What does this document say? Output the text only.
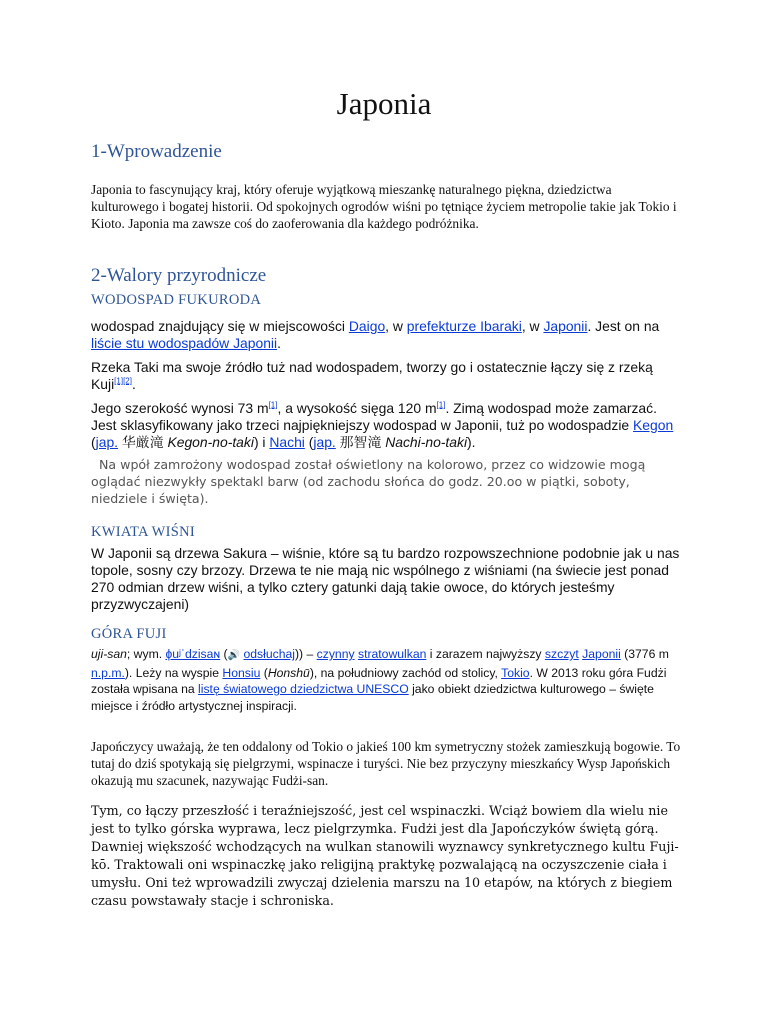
Japonia
1-Wprowadzenie
Japonia to fascynujący kraj, który oferuje wyjątkową mieszankę naturalnego piękna, dziedzictwa kulturowego i bogatej historii. Od spokojnych ogrodów wiśni po tętniące życiem metropolie takie jak Tokio i Kioto. Japonia ma zawsze coś do zaoferowania dla każdego podróżnika.
2-Walory przyrodnicze
WODOSPAD FUKURODA
wodospad znajdujący się w miejscowości Daigo, w prefekturze Ibaraki, w Japonii. Jest on na liście stu wodospadów Japonii.
Rzeka Taki ma swoje źródło tuż nad wodospadem, tworzy go i ostatecznie łączy się z rzeką Kuji[1][2].
Jego szerokość wynosi 73 m[1], a wysokość sięga 120 m[1]. Zimą wodospad może zamarzać. Jest sklasyfikowany jako trzeci najpiękniejszy wodospad w Japonii, tuż po wodospadzie Kegon (jap. 华厳滝 Kegon-no-taki) i Nachi (jap. 那智滝 Nachi-no-taki).
Na wpół zamrożony wodospad został oświetlony na kolorowo, przez co widzowie mogą oglądać niezwykły spektakl barw (od zachodu słońca do godz. 20.oo w piątki, soboty, niedziele i święta).
KWIATA WIŚNI
W Japonii są drzewa Sakura – wiśnie, które są tu bardzo rozpowszechnione podobnie jak u nas topole, sosny czy brzozy. Drzewa te nie mają nic wspólnego z wiśniami (na świecie jest ponad 270 odmian drzew wiśni, a tylko cztery gatunki dają takie owoce, do których jesteśmy przyzwyczajeni)
GÓRA FUJI
uji-san; wym. ɸuʲˈdzisaɴ (🔊 odsłuchaj)) – czynny stratowulkan i zarazem najwyższy szczyt Japonii (3776 m n.p.m.). Leży na wyspie Honsiu (Honshū), na południowy zachód od stolicy, Tokio. W 2013 roku góra Fudżi została wpisana na listę światowego dziedzictwa UNESCO jako obiekt dziedzictwa kulturowego – święte miejsce i źródło artystycznej inspiracji.
Japończycy uważają, że ten oddalony od Tokio o jakieś 100 km symetryczny stożek zamieszkują bogowie. To tutaj do dziś spotykają się pielgrzymi, wspinacze i turyści. Nie bez przyczyny mieszkańcy Wysp Japońskich okazują mu szacunek, nazywając Fudżi-san.
Tym, co łączy przeszłość i teraźniejszość, jest cel wspinaczki. Wciąż bowiem dla wielu nie jest to tylko górska wyprawa, lecz pielgrzymka. Fudżi jest dla Japończyków świętą górą. Dawniej większość wchodzących na wulkan stanowili wyznawcy synkretycznego kultu Fuji-kō. Traktowali oni wspinaczkę jako religijną praktykę pozwalającą na oczyszczenie ciała i umysłu. Oni też wprowadzili zwyczaj dzielenia marszu na 10 etapów, na których z biegiem czasu powstawały stacje i schroniska.
